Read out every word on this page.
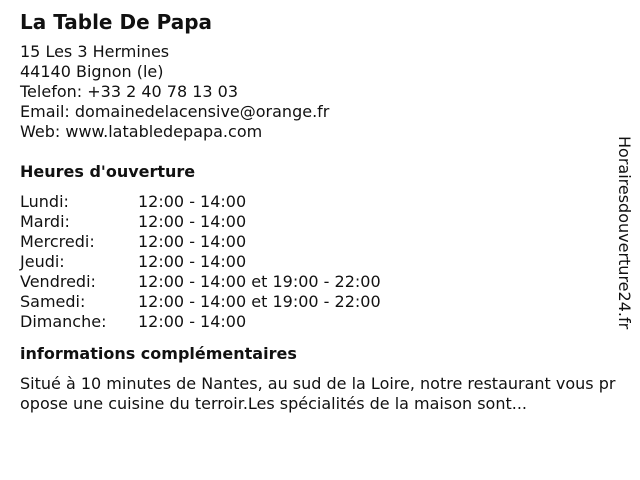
La Table De Papa
15 Les 3 Hermines
44140 Bignon (le)
Telefon: +33 2 40 78 13 03
Email: domainedelacensive@orange.fr
Web: www.latabledepapa.com
Heures d'ouverture
Lundi:	12:00 - 14:00
Mardi:	12:00 - 14:00
Mercredi:	12:00 - 14:00
Jeudi:	12:00 - 14:00
Vendredi:	12:00 - 14:00 et 19:00 - 22:00
Samedi:	12:00 - 14:00 et 19:00 - 22:00
Dimanche:	12:00 - 14:00
informations complémentaires
Situé à 10 minutes de Nantes, au sud de la Loire, notre restaurant vous propose une cuisine du terroir.Les spécialités de la maison sont...
Horairesdouverture24.fr
